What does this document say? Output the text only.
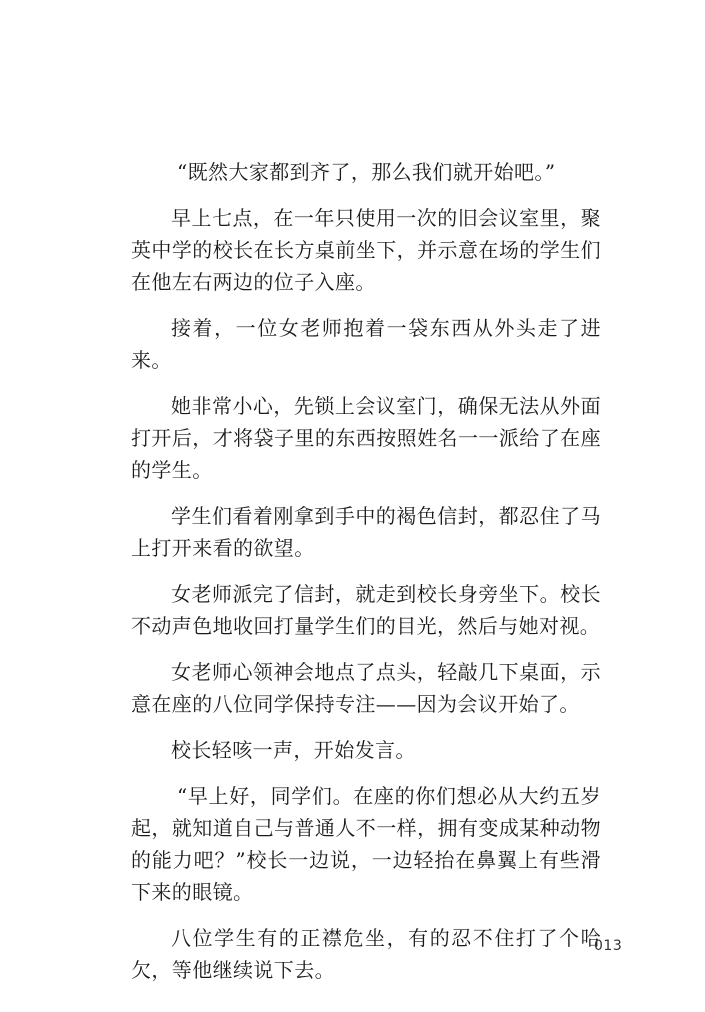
“既然大家都到齐了，那么我们就开始吧。”

早上七点，在一年只使用一次的旧会议室里，聚英中学的校长在长方桌前坐下，并示意在场的学生们在他左右两边的位子入座。

接着，一位女老师抱着一袋东西从外头走了进来。

她非常小心，先锁上会议室门，确保无法从外面打开后，才将袋子里的东西按照姓名一一派给了在座的学生。

学生们看着刚拿到手中的褐色信封，都忍住了马上打开来看的欲望。

女老师派完了信封，就走到校长身旁坐下。校长不动声色地收回打量学生们的目光，然后与她对视。

女老师心领神会地点了点头，轻敲几下桌面，示意在座的八位同学保持专注——因为会议开始了。

校长轻咳一声，开始发言。

“早上好，同学们。在座的你们想必从大约五岁起，就知道自己与普通人不一样，拥有变成某种动物的能力吧？”校长一边说，一边轻抬在鼻翼上有些滑下来的眼镜。

八位学生有的正襟危坐，有的忍不住打了个哈欠，等他继续说下去。

013
